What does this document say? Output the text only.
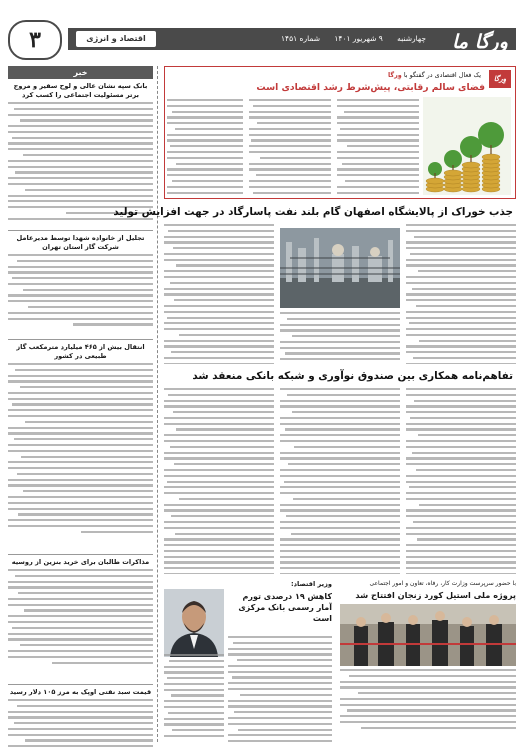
وِرگا ما
چهارشنبه ۹ شهریور ۱۴۰۱ شماره ۱۴۵۱
اقتصاد و انرژی
۳
خبر
بانک سپه نشان عالی و لوح سفیر و مروج برتر مسئولیت اجتماعی را کسب کرد
تجلیل از خانواده شهدا توسط مدیرعامل شرکت گاز استان تهران
انتقال بیش از ۴۶۵ میلیارد مترمکعب گاز طبیعی در کشور
مذاکرات طالبان برای خرید بنزین از روسیه
قیمت سبد نفتی اوپک به مرز ۱۰۵ دلار رسید
وِرگا
یک فعال اقتصادی در گفتگو با وِرگا
فضای سالم رقابتی، پیش‌شرط رشد اقتصادی است
جذب خوراک از پالایشگاه اصفهان گام بلند نفت پاسارگاد در جهت افزایش تولید
تفاهم‌نامه همکاری بین صندوق نوآوری و شبکه بانکی منعقد شد
با حضور سرپرست وزارت کار، رفاه، تعاون و امور اجتماعی
پروژه ملی استیل کورد زنجان افتتاح شد
وزیر اقتصاد:
کاهش ۱۹ درصدی تورم آمار رسمی بانک مرکزی است
